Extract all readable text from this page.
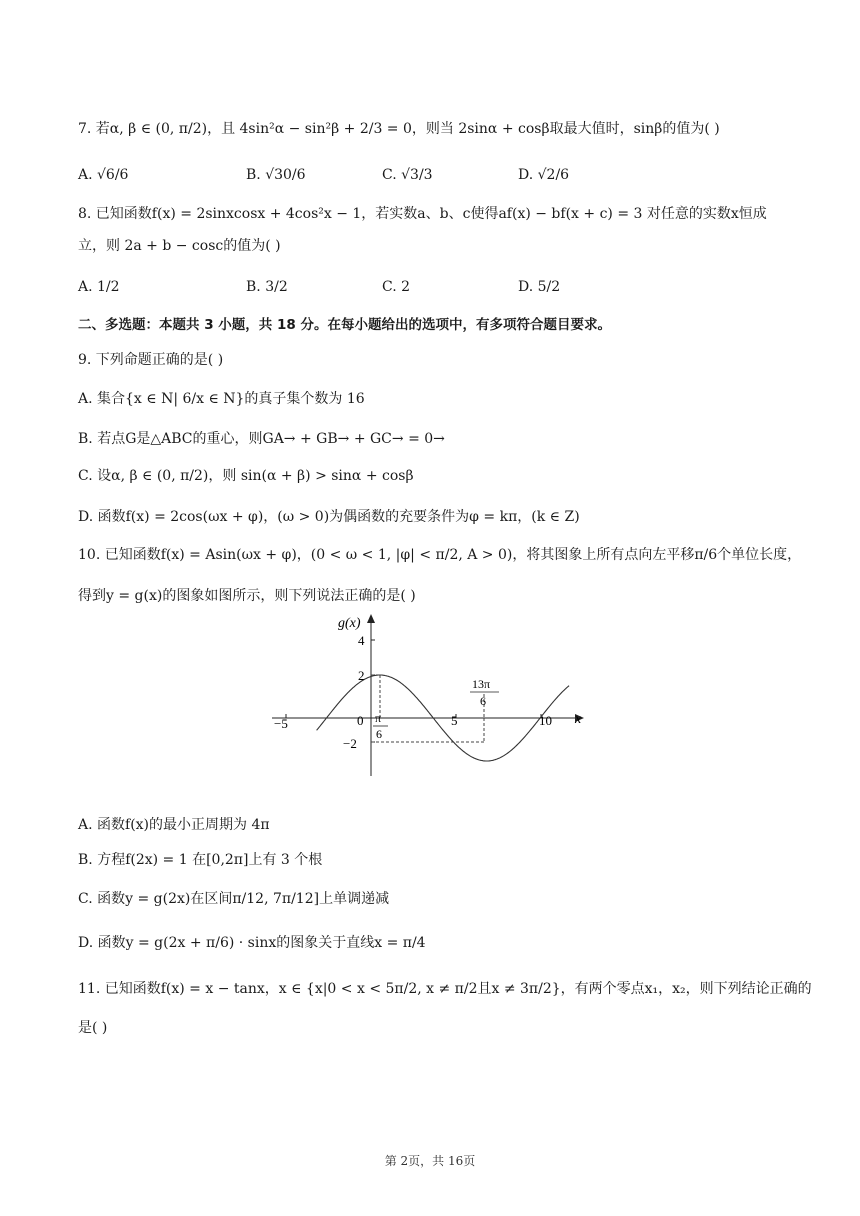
7. 若α, β ∈ (0, π/2)，且 4sin²α − sin²β + 2/3 = 0，则当 2sinα + cosβ取最大值时，sinβ的值为( )
A. √6/6	B. √30/6	C. √3/3	D. √2/6
8. 已知函数f(x) = 2sinxcosx + 4cos²x − 1，若实数a、b、c使得af(x) − bf(x + c) = 3 对任意的实数x恒成
立，则 2a + b − cosc的值为( )
A. 1/2	B. 3/2	C. 2	D. 5/2
二、多选题：本题共 3 小题，共 18 分。在每小题给出的选项中，有多项符合题目要求。
9. 下列命题正确的是( )
A. 集合{x ∈ N| 6/x ∈ N}的真子集个数为 16
B. 若点G是△ABC的重心，则GA→ + GB→ + GC→ = 0→
C. 设α, β ∈ (0, π/2)，则 sin(α + β) > sinα + cosβ
D. 函数f(x) = 2cos(ωx + φ)，(ω > 0)为偶函数的充要条件为φ = kπ，(k ∈ Z)
10. 已知函数f(x) = Asin(ωx + φ)，(0 < ω < 1, |φ| < π/2, A > 0)，将其图象上所有点向左平移π/6个单位长度，
得到y = g(x)的图象如图所示，则下列说法正确的是( )
g(x)
x
−5	0	5	10
4
2
−2
π
6
13π
6
A. 函数f(x)的最小正周期为 4π
B. 方程f(2x) = 1 在[0,2π]上有 3 个根
C. 函数y = g(2x)在区间π/12, 7π/12]上单调递减
D. 函数y = g(2x + π/6) · sinx的图象关于直线x = π/4
11. 已知函数f(x) = x − tanx，x ∈ {x|0 < x < 5π/2, x ≠ π/2且x ≠ 3π/2}，有两个零点x₁，x₂，则下列结论正确的
是( )
第 2页，共 16页
